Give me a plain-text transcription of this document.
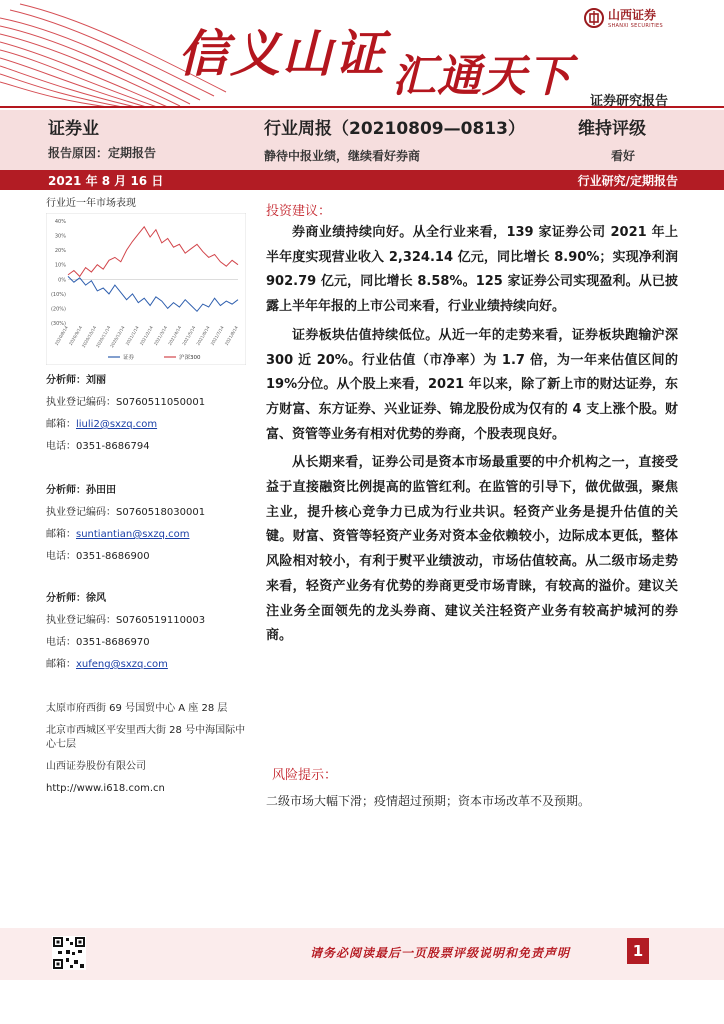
信义山证 汇通天下
山西证券
SHANXI SECURITIES
证券研究报告
证券业	行业周报（20210809—0813）	维持评级
报告原因：定期报告	静待中报业绩，继续看好券商	看好
2021 年 8 月 16 日	行业研究/定期报告
行业近一年市场表现
40%
30%
20%
10%
0%
(10%)
(20%)
(30%)
2020/8/14 2020/9/14
2020/10/14
2020/11/14
2020/12/14 2021/1/14 2021/2/14 2021/3/14 2021/4/14 2021/5/14 2021/6/14 2021/7/14 2021/8/14
证券	沪深300
分析师：刘丽
执业登记编码：S0760511050001
邮箱：liuli2@sxzq.com
电话：0351-8686794
分析师：孙田田
执业登记编码：S0760518030001
邮箱：suntiantian@sxzq.com
电话：0351-8686900
分析师：徐风
执业登记编码：S0760519110003
电话：0351-8686970
邮箱：xufeng@sxzq.com
太原市府西街 69 号国贸中心 A 座 28 层
北京市西城区平安里西大街 28 号中海国际中心七层
山西证券股份有限公司
http://www.i618.com.cn
投资建议：

券商业绩持续向好。从全行业来看，139 家证券公司 2021 年上半年度实现营业收入 2,324.14 亿元，同比增长 8.90%；实现净利润 902.79 亿元，同比增长 8.58%。125 家证券公司实现盈利。从已披露上半年年报的上市公司来看，行业业绩持续向好。

证券板块估值持续低位。从近一年的走势来看，证券板块跑输沪深 300 近 20%。行业估值（市净率）为 1.7 倍，为一年来估值区间的 19%分位。从个股上来看，2021 年以来，除了新上市的财达证券，东方财富、东方证券、兴业证券、锦龙股份成为仅有的 4 支上涨个股。财富、资管等业务有相对优势的券商，个股表现良好。

从长期来看，证券公司是资本市场最重要的中介机构之一，直接受益于直接融资比例提高的监管红利。在监管的引导下，做优做强，聚焦主业，提升核心竞争力已成为行业共识。轻资产业务是提升估值的关键。财富、资管等轻资产业务对资本金依赖较小，边际成本更低，整体风险相对较小，有利于熨平业绩波动，市场估值较高。从二级市场走势来看，轻资产业务有优势的券商更受市场青睐，有较高的溢价。建议关注业务全面领先的龙头券商、建议关注轻资产业务有较高护城河的券商。

风险提示：
二级市场大幅下滑；疫情超过预期；资本市场改革不及预期。
请务必阅读最后一页股票评级说明和免责声明	1
